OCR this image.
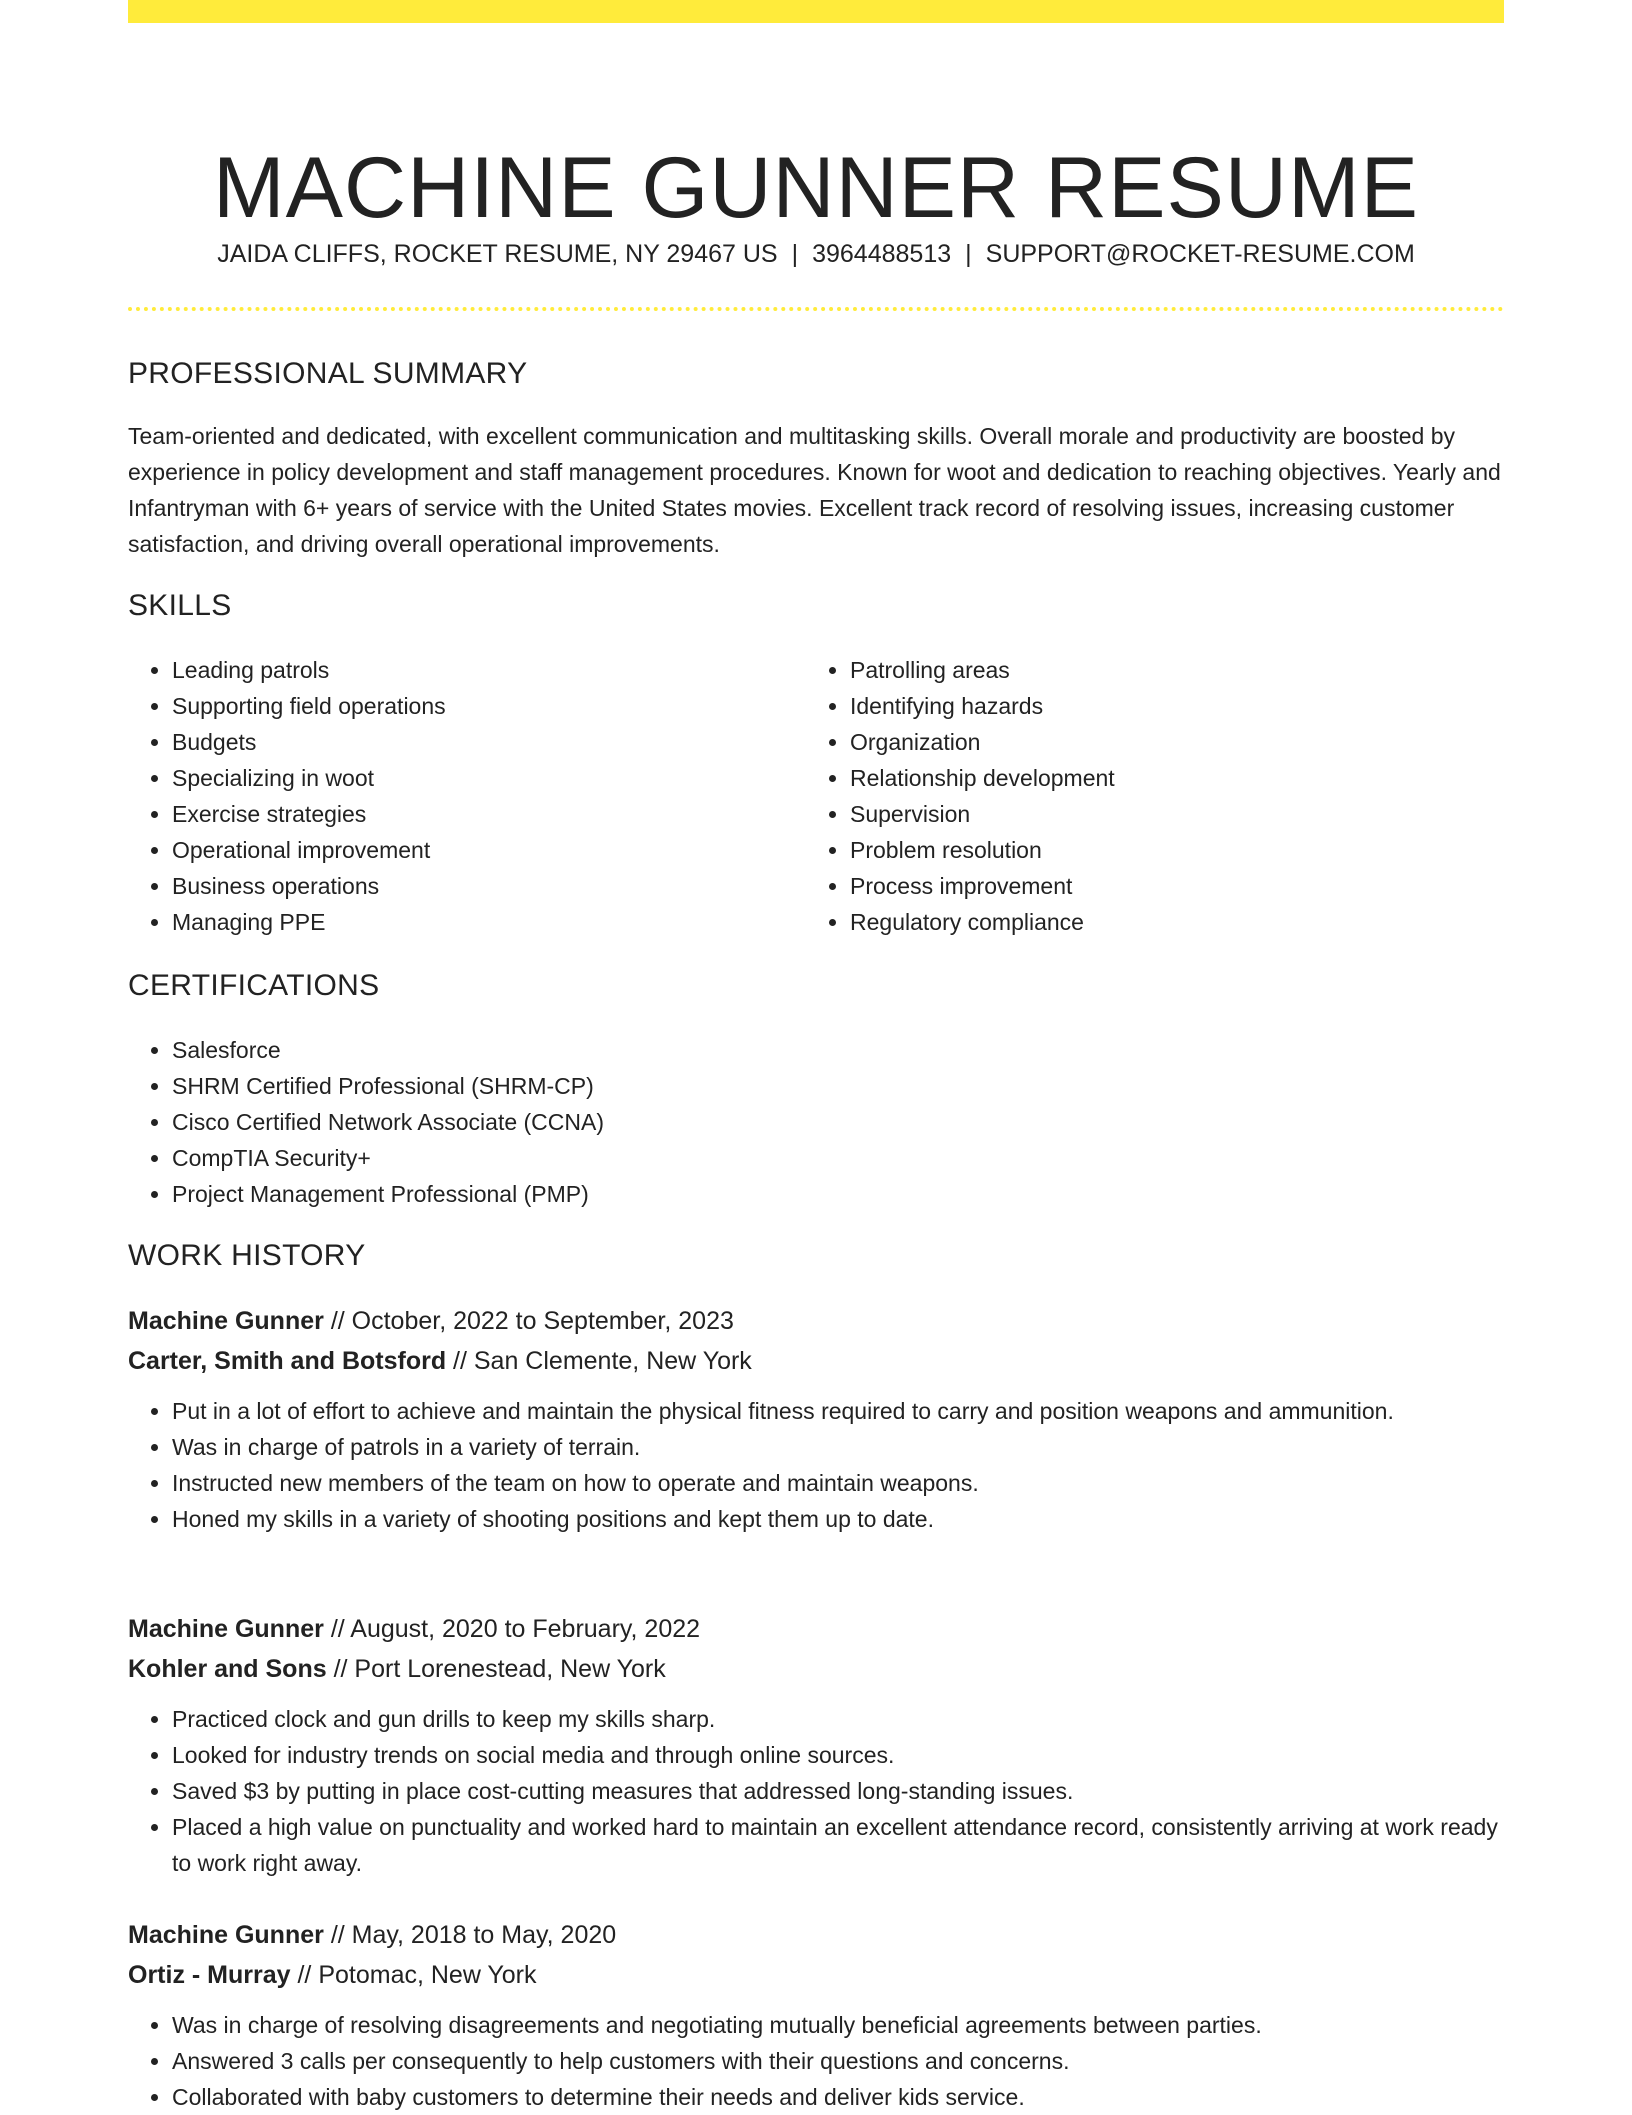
MACHINE GUNNER RESUME
JAIDA CLIFFS, ROCKET RESUME, NY 29467 US | 3964488513 | SUPPORT@ROCKET-RESUME.COM
PROFESSIONAL SUMMARY

Team-oriented and dedicated, with excellent communication and multitasking skills. Overall morale and productivity are boosted by experience in policy development and staff management procedures. Known for woot and dedication to reaching objectives. Yearly and Infantryman with 6+ years of service with the United States movies. Excellent track record of resolving issues, increasing customer satisfaction, and driving overall operational improvements.

SKILLS
• Leading patrols
• Supporting field operations
• Budgets
• Specializing in woot
• Exercise strategies
• Operational improvement
• Business operations
• Managing PPE
• Patrolling areas
• Identifying hazards
• Organization
• Relationship development
• Supervision
• Problem resolution
• Process improvement
• Regulatory compliance
CERTIFICATIONS
• Salesforce
• SHRM Certified Professional (SHRM-CP)
• Cisco Certified Network Associate (CCNA)
• CompTIA Security+
• Project Management Professional (PMP)
WORK HISTORY

Machine Gunner // October, 2022 to September, 2023

Carter, Smith and Botsford // San Clemente, New York

• Put in a lot of effort to achieve and maintain the physical fitness required to carry and position weapons and ammunition.
• Was in charge of patrols in a variety of terrain.
• Instructed new members of the team on how to operate and maintain weapons.
• Honed my skills in a variety of shooting positions and kept them up to date.

Machine Gunner // August, 2020 to February, 2022

Kohler and Sons // Port Lorenestead, New York

• Practiced clock and gun drills to keep my skills sharp.
• Looked for industry trends on social media and through online sources.
• Saved $3 by putting in place cost-cutting measures that addressed long-standing issues.
• Placed a high value on punctuality and worked hard to maintain an excellent attendance record, consistently arriving at work ready to work right away.

Machine Gunner // May, 2018 to May, 2020

Ortiz - Murray // Potomac, New York

• Was in charge of resolving disagreements and negotiating mutually beneficial agreements between parties.
• Answered 3 calls per consequently to help customers with their questions and concerns.
• Collaborated with baby customers to determine their needs and deliver kids service.
